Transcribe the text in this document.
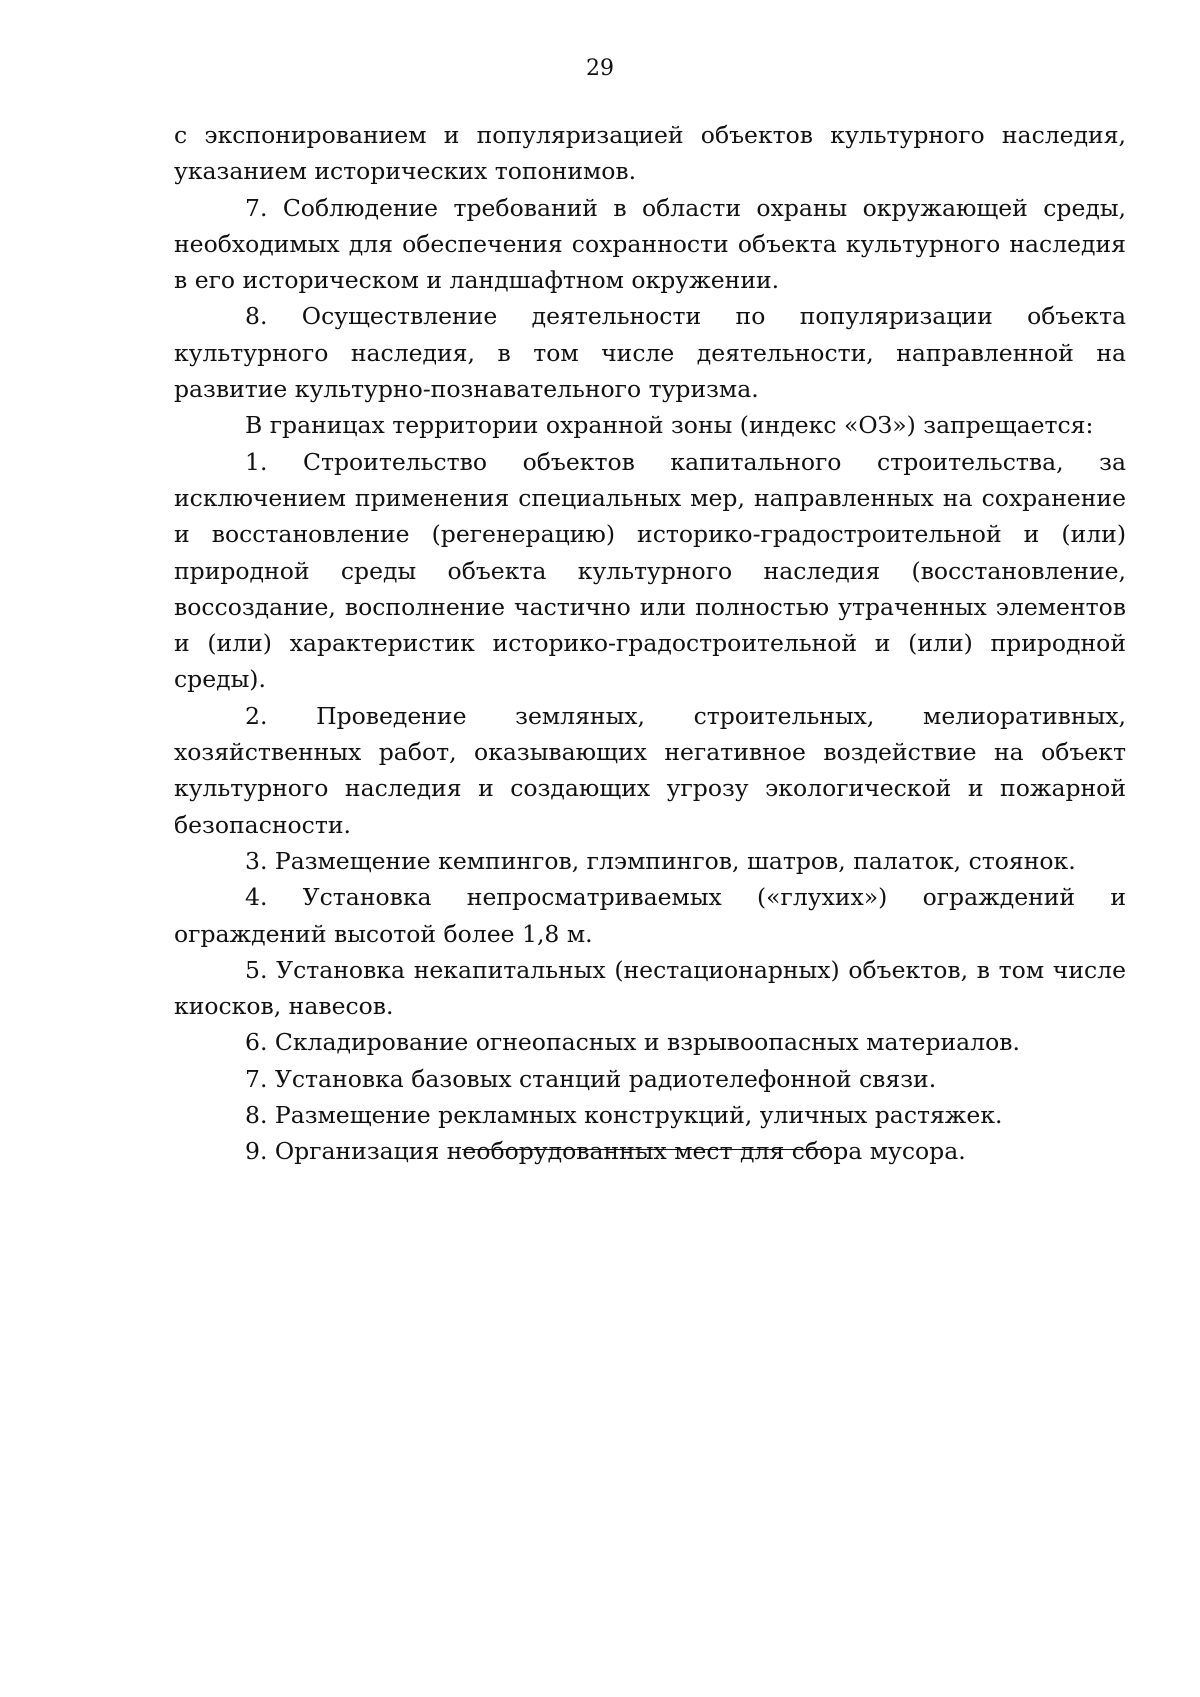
29

с экспонированием и популяризацией объектов культурного наследия, указанием исторических топонимов.

7. Соблюдение требований в области охраны окружающей среды, необходимых для обеспечения сохранности объекта культурного наследия в его историческом и ландшафтном окружении.

8. Осуществление деятельности по популяризации объекта культурного наследия, в том числе деятельности, направленной на развитие культурно-познавательного туризма.

В границах территории охранной зоны (индекс «ОЗ») запрещается:

1. Строительство объектов капитального строительства, за исключением применения специальных мер, направленных на сохранение и восстановление (регенерацию) историко-градостроительной и (или) природной среды объекта культурного наследия (восстановление, воссоздание, восполнение частично или полностью утраченных элементов и (или) характеристик историко-градостроительной и (или) природной среды).

2. Проведение земляных, строительных, мелиоративных, хозяйственных работ, оказывающих негативное воздействие на объект культурного наследия и создающих угрозу экологической и пожарной безопасности.

3. Размещение кемпингов, глэмпингов, шатров, палаток, стоянок.

4. Установка непросматриваемых («глухих») ограждений и ограждений высотой более 1,8 м.

5. Установка некапитальных (нестационарных) объектов, в том числе киосков, навесов.

6. Складирование огнеопасных и взрывоопасных материалов.

7. Установка базовых станций радиотелефонной связи.

8. Размещение рекламных конструкций, уличных растяжек.

9. Организация необорудованных мест для сбора мусора.
